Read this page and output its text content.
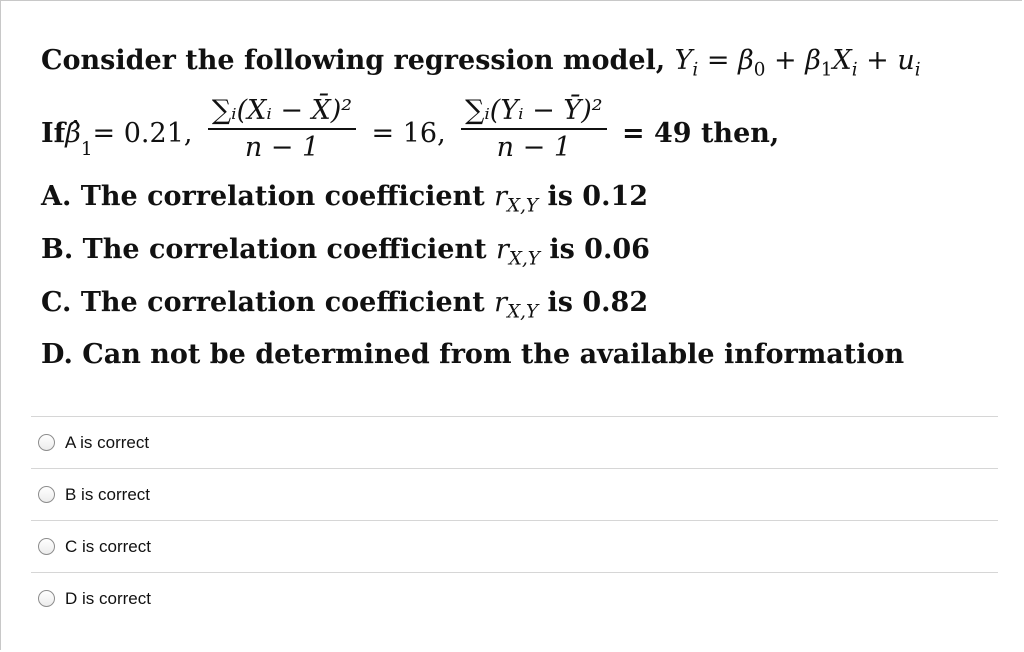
Consider the following regression model, $Y_i = \beta_0 + \beta_1X_i + u_i$
Ifβ̂1= 0.21, $\frac{\text{∑ᵢ(Xᵢ − X̄)²}}{n - 1} = 16$, $\frac{\text{∑ᵢ(Yᵢ − Ȳ)²}}{n - 1} = 49$ then,
A. The correlation coefficient $r_{X,Y}$ is 0.12
B. The correlation coefficient $r_{X,Y}$ is 0.06
C. The correlation coefficient $r_{X,Y}$ is 0.82
D. Can not be determined from the available information
A is correct
B is correct
C is correct
D is correct
